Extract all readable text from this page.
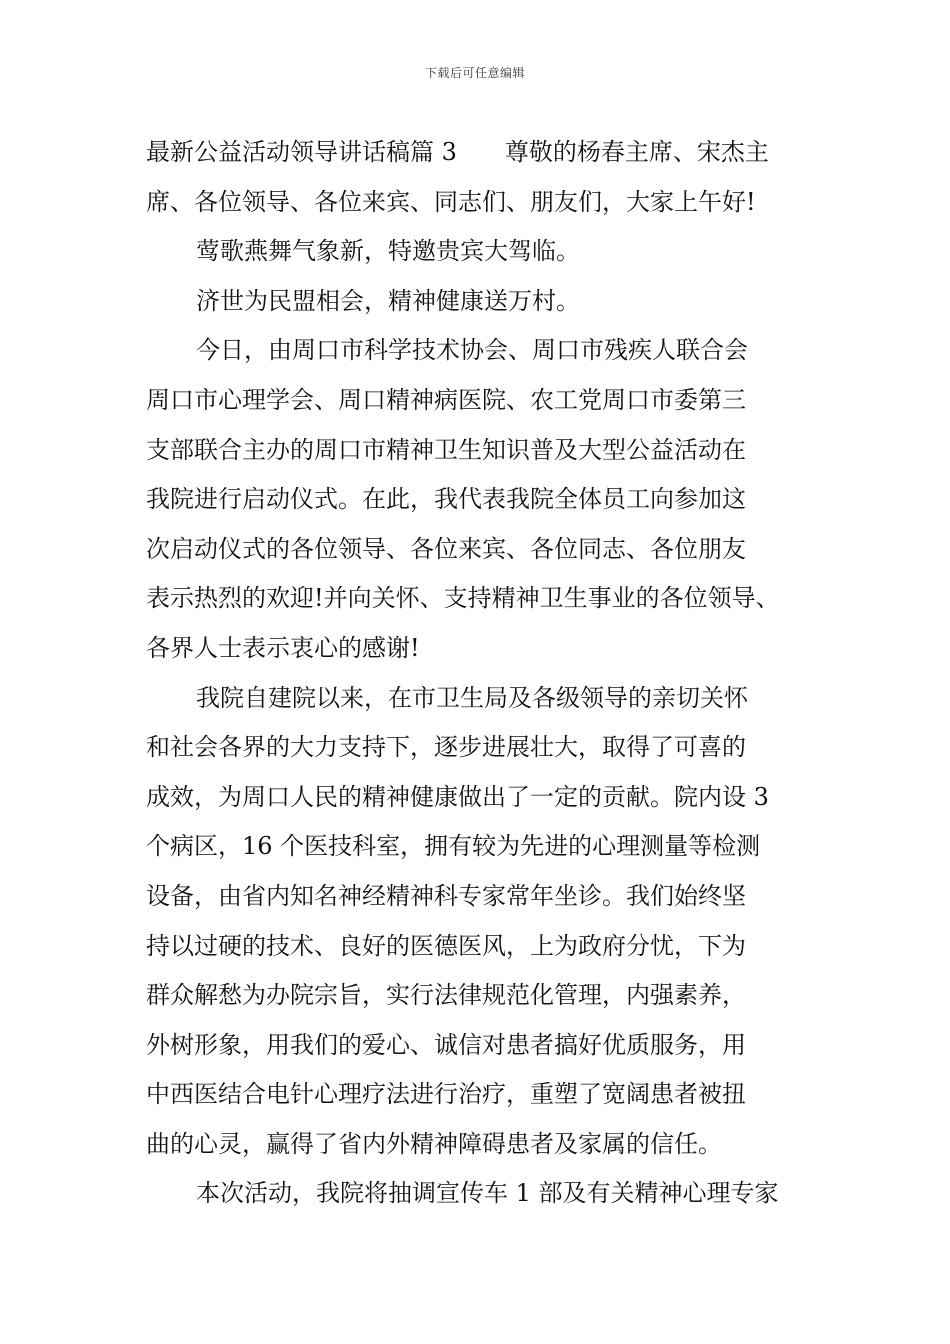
下载后可任意编辑
最新公益活动领导讲话稿篇 3　　尊敬的杨春主席、宋杰主
席、各位领导、各位来宾、同志们、朋友们，大家上午好!
莺歌燕舞气象新，特邀贵宾大驾临。
济世为民盟相会，精神健康送万村。
今日，由周口市科学技术协会、周口市残疾人联合会
周口市心理学会、周口精神病医院、农工党周口市委第三
支部联合主办的周口市精神卫生知识普及大型公益活动在
我院进行启动仪式。在此，我代表我院全体员工向参加这
次启动仪式的各位领导、各位来宾、各位同志、各位朋友
表示热烈的欢迎!并向关怀、支持精神卫生事业的各位领导、
各界人士表示衷心的感谢!
我院自建院以来，在市卫生局及各级领导的亲切关怀
和社会各界的大力支持下，逐步进展壮大，取得了可喜的
成效，为周口人民的精神健康做出了一定的贡献。院内设 3
个病区，16 个医技科室，拥有较为先进的心理测量等检测
设备，由省内知名神经精神科专家常年坐诊。我们始终坚
持以过硬的技术、良好的医德医风，上为政府分忧，下为
群众解愁为办院宗旨，实行法律规范化管理，内强素养，
外树形象，用我们的爱心、诚信对患者搞好优质服务，用
中西医结合电针心理疗法进行治疗，重塑了宽阔患者被扭
曲的心灵，赢得了省内外精神障碍患者及家属的信任。
本次活动，我院将抽调宣传车 1 部及有关精神心理专家
